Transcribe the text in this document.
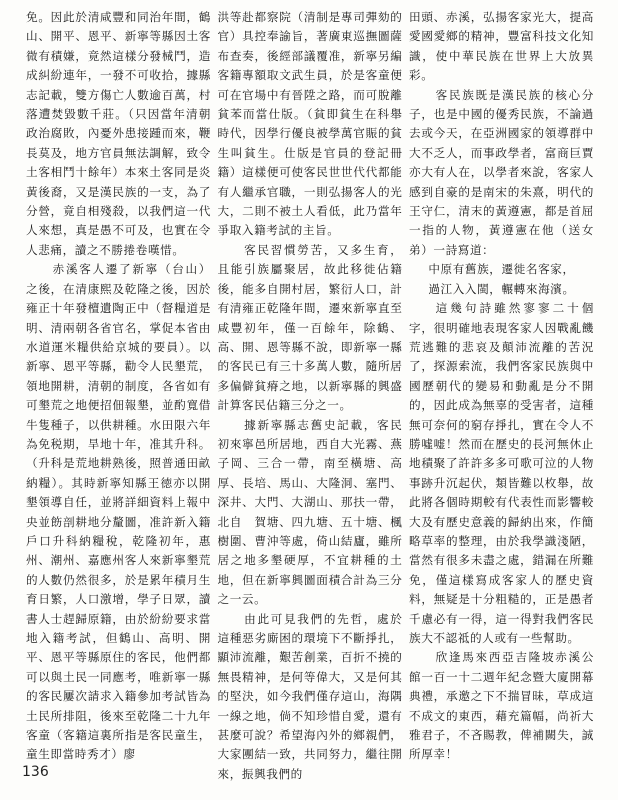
免。因此於清咸豐和同治年間，鶴山、開平、恩平、新寧等縣因土客微有積嫌，竟然這樣分發械鬥，造成糾紛連年，一發不可收拾，據縣志記載，雙方傷亡人數逾百萬，村落遭焚毀數千莊。（只因當年清朝政治腐敗，內憂外患接踵而來，鞭長莫及，地方官員無法調解，致令土客相鬥十餘年）本來土客同是炎黃後裔，又是漢民族的一支，為了分營，竟自相殘殺，以我們這一代人來想，真是愚不可及，也實在令人悲痛，讀之不勝捲卷嘆惜。

赤溪客人遷了新寧（台山）之後，在清康熙及乾隆之後，因於雍正十年發檀遺陶正中（督糧道是明、清兩朝各省官名，掌促本省由水道運米糧供給京城的要員）。以新寧、恩平等縣，勸令人民墾荒，領地開耕，清朝的制度，各省如有可墾荒之地便招佃報墾，並酌寬借牛隻種子，以供耕種。水田限六年為免税期，旱地十年，准其升科。（升科是荒地耕熟後，照普通田畝納糧）。其時新寧知縣王徳亦以開墾領導自任，並將詳細資料上報中央並飭剖耕地分釐圖，准許新入籍戶口升科納糧稅，乾隆初年，惠州、潮州、嘉應州客人來新寧墾荒的人數仍然很多，於是累年積月生育日繁，人口激增，學子日眾，讀書人士趕歸原籍，由於紛紛要求當地入籍考試，但鶴山、高明、開平、恩平等縣原住的客民，他們都可以與土民一同應考，唯新寧一縣的客民屢次請求入籍參加考試皆為土民所排阻，後來至乾隆二十九年客童（客籍這裏所指是客民童生，童生即當時秀才）廖

洪等赴都察院（清制是專司彈劾的官）具控奉諭旨，著廣東巡撫圖薩布查奏，後經部議覆准，新寧另編客籍專額取文武生員，於是客童便可在官場中有晉陞之路，而可脫離貧苯而當仕版。（貧即貧生在科舉時代，因學行優良被學萬官賑的貧生叫貧生。仕版是官員的登記冊籍）這樣便可使客民世世代代都能有人繼承官職，一則弘揚客人的光大，二則不被土人看低，此乃當年爭取入籍考試的主旨。

客民習慣勞苦，又多生育，且能引族屬聚居，故此移徙佔籍後，能多自開村居，繁衍人口，計有清雍正乾隆年間，遷來新寧直至咸豐初年，僅一百餘年，除鶴、高、開、恩等縣不說，即新寧一縣的客民已有三十多萬人數，隨所居多偏僻貧瘠之地，以新寧縣的興盛計算客民佔籍三分之一。

據新寧縣志舊史記載，客民初來寧邑所居地，西自大光霧、燕子岡、三合一帶，南至橫塘、高厚、長培、馬山、大隆洞、塞門、深井、大門、大湖山、那扶一帶，北自　賀塘、四九塘、五十塘、楓樹圍、曹沖等處，倚山結廬，雖所居之地多墾硬厚，不宜耕種的土地，但在新寧興圖面積合計為三分之一云。

由此可見我們的先哲，處於這種惡劣廝困的環境下不斷掙扎，顯沛流離，艱苦創業，百折不撓的無畏精神，是何等偉大，又是何其的堅決，如今我們僅存這山，海隅一線之地，倘不知珍惜自愛，還有甚麼可說？希望海內外的鄉親們，大家團結一致，共同努力，繼往開來，振興我們的

田頭、赤溪，弘揚客家光大，提高愛國愛鄉的精神，豐富科技文化知識，使中華民族在世界上大放異彩。

客民族既是漢民族的核心分子，也是中國的優秀民族，不論過去或今天，在亞洲國家的領導群中大不乏人，而事政學者，富商巨賈亦大有人在，以學者來說，客家人感到自豪的是南宋的朱熹，明代的王守仁，清末的黃遵憲，都是首屈一指的人物，黃遵憲在他（送女弟）一詩寫道：

中原有舊族，遷徙名客家，

過江入入閩，輾轉來海濱。

這幾句詩雖然寥寥二十個字，很明確地表現客家人因戰亂饑荒逃難的悲哀及顛沛流離的苦況了，探源索流，我們客家民族與中國歷朝代的變易和動亂是分不開的，因此成為無辜的受害者，這種無可奈何的窮存掙扎，實在令人不勝噓嘘！然而在歷史的長河無休止地積聚了許許多多可歌可泣的人物事跡升沉起伏，類皆難以枚舉，故此將各個時期較有代表性而影響較大及有歷史意義的歸納出來，作簡略草率的整理，由於我學識淺陋，當然有很多未盡之處，錯漏在所難免，僅這樣寫成客家人的歷史資料，無疑是十分粗糙的，正是愚者千慮必有一得，這一得對我們客民族大不認祗的人或有一些幫助。

欣逢馬來西亞吉隆坡赤溪公館一百一十二週年紀念暨大廈開幕典禮，承邀之下不揣冒昧，草成這不成文的東西，藉充篇幅，尚祈大雅君子，不吝賜教，俾補闕失，誠所厚幸！

136
